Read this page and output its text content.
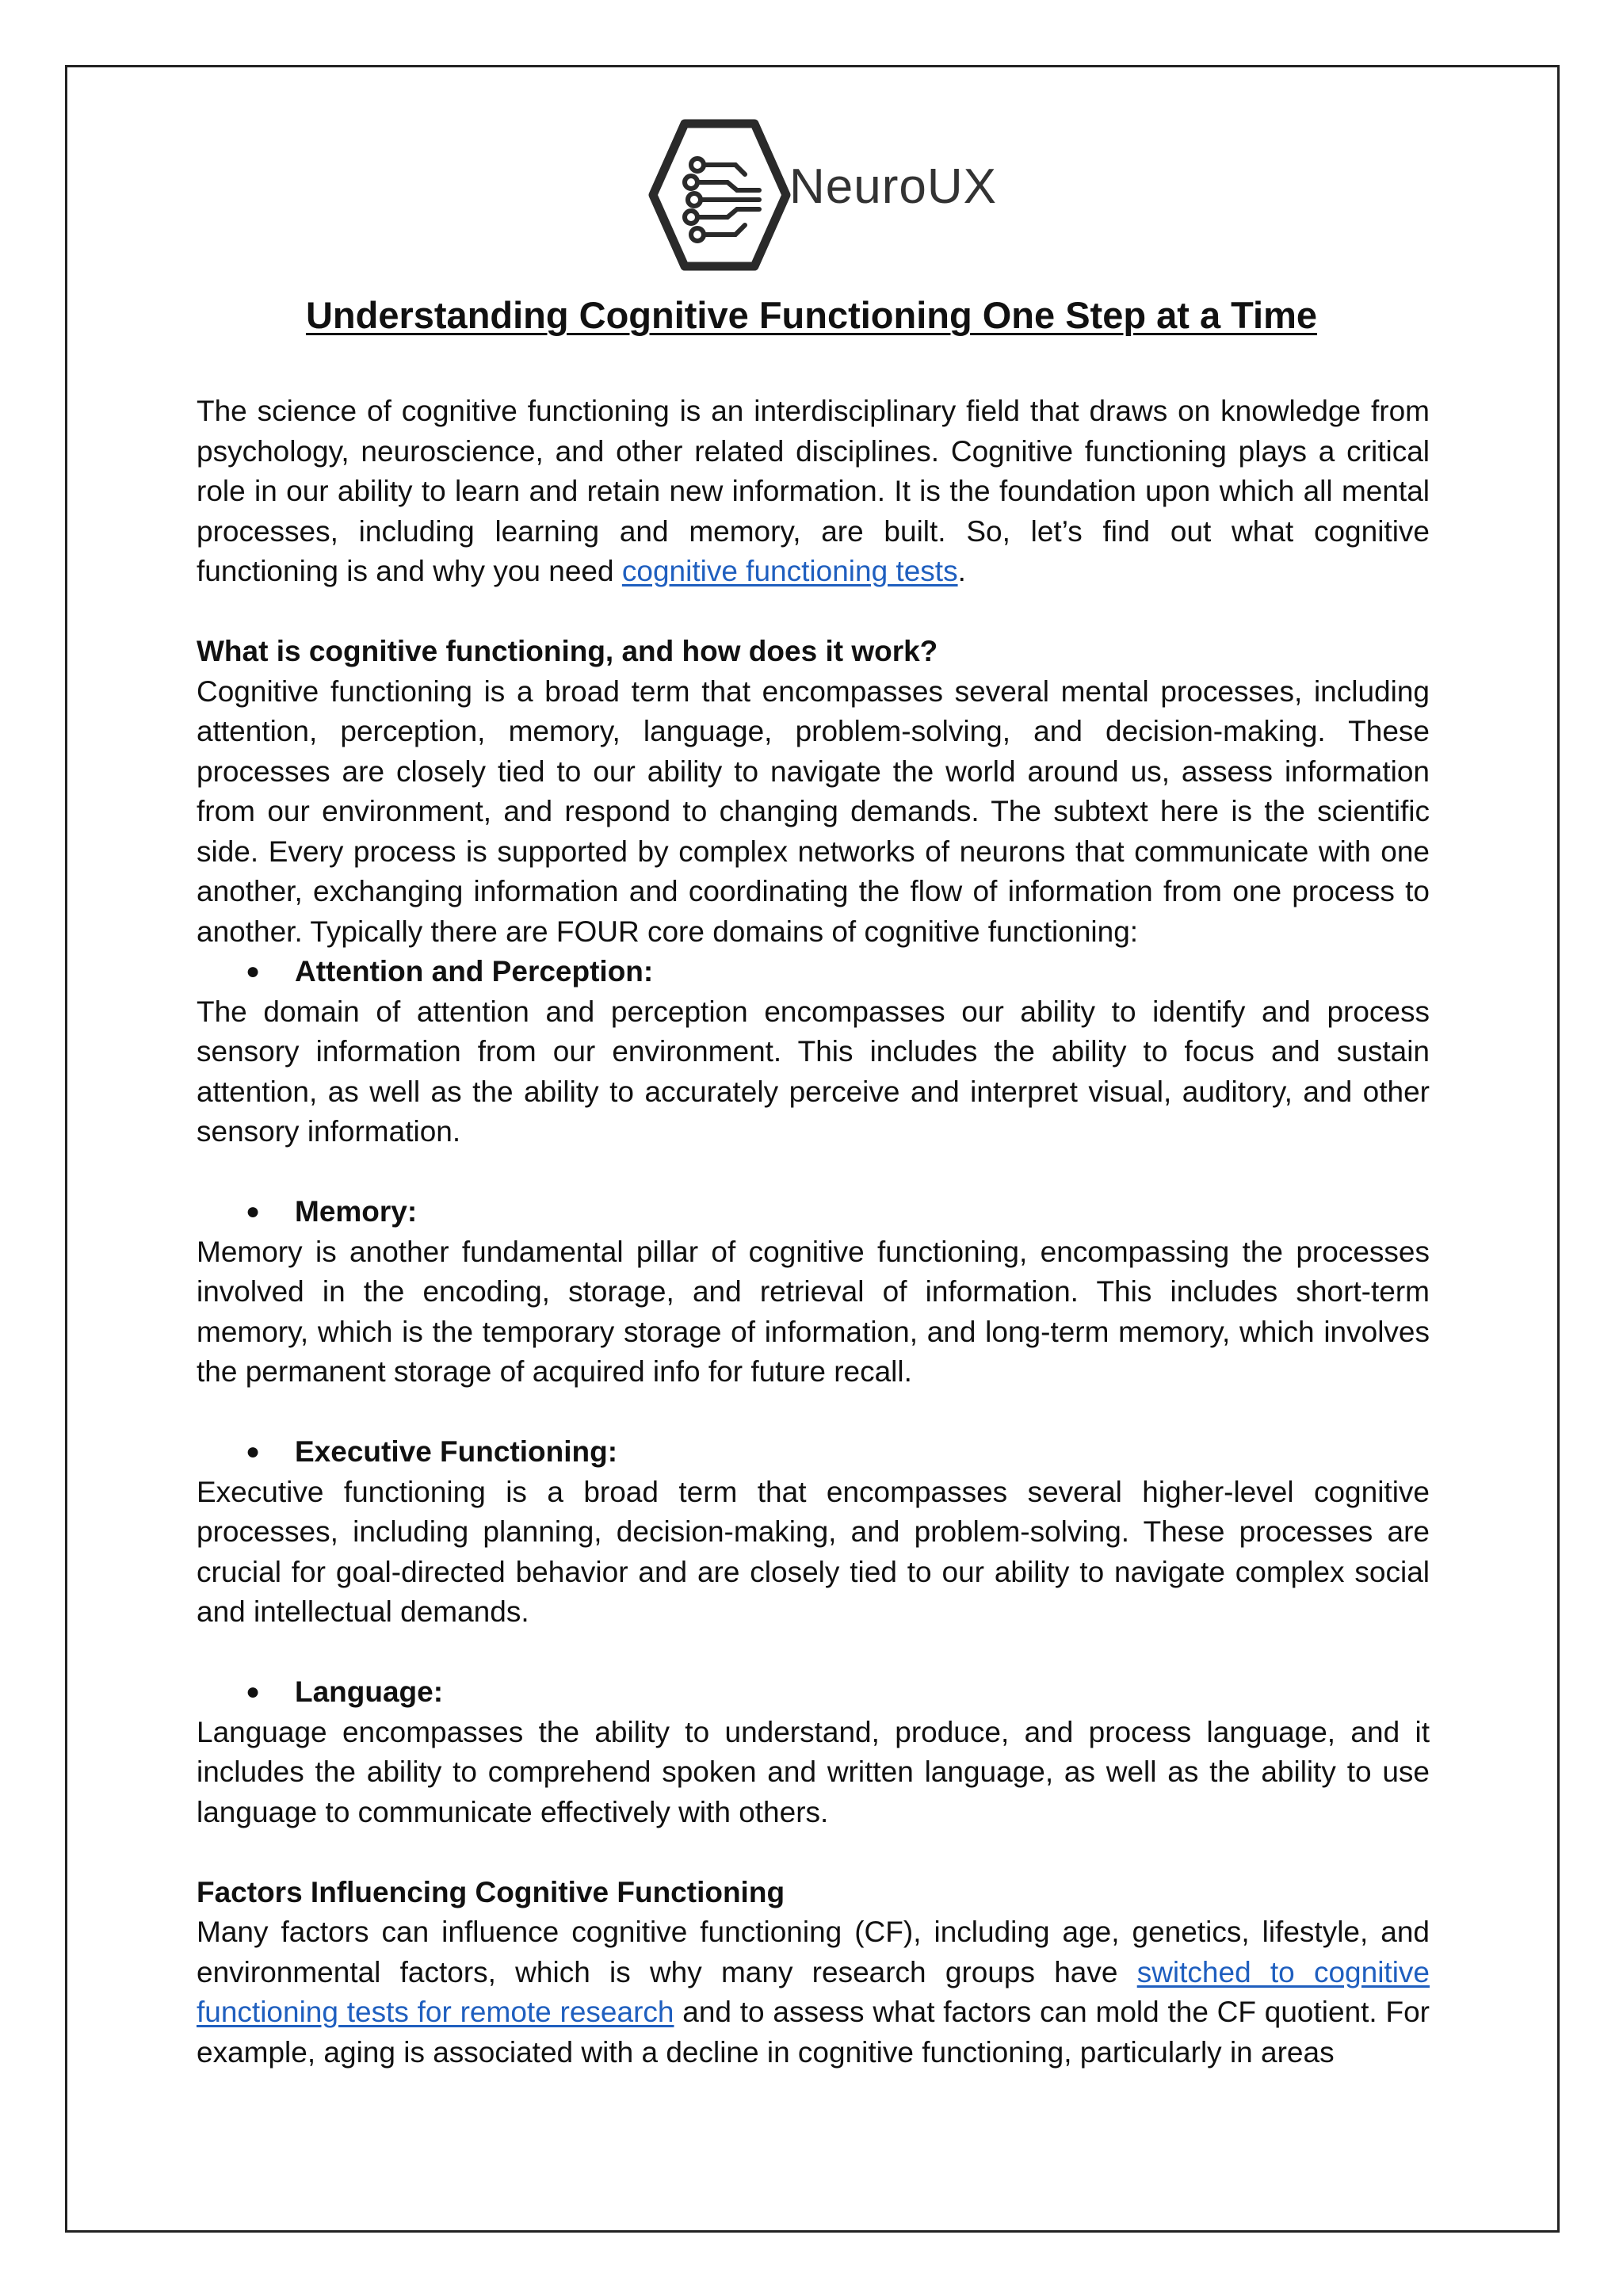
NeuroUX
Understanding Cognitive Functioning One Step at a Time

The science of cognitive functioning is an interdisciplinary field that draws on knowledge from psychology, neuroscience, and other related disciplines. Cognitive functioning plays a critical role in our ability to learn and retain new information. It is the foundation upon which all mental processes, including learning and memory, are built. So, let’s find out what cognitive functioning is and why you need cognitive functioning tests.

What is cognitive functioning, and how does it work?

Cognitive functioning is a broad term that encompasses several mental processes, including attention, perception, memory, language, problem-solving, and decision-making. These processes are closely tied to our ability to navigate the world around us, assess information from our environment, and respond to changing demands. The subtext here is the scientific side. Every process is supported by complex networks of neurons that communicate with one another, exchanging information and coordinating the flow of information from one process to another. Typically there are FOUR core domains of cognitive functioning:

● Attention and Perception:

The domain of attention and perception encompasses our ability to identify and process sensory information from our environment. This includes the ability to focus and sustain attention, as well as the ability to accurately perceive and interpret visual, auditory, and other sensory information.

● Memory:

Memory is another fundamental pillar of cognitive functioning, encompassing the processes involved in the encoding, storage, and retrieval of information. This includes short-term memory, which is the temporary storage of information, and long-term memory, which involves the permanent storage of acquired info for future recall.

● Executive Functioning:

Executive functioning is a broad term that encompasses several higher-level cognitive processes, including planning, decision-making, and problem-solving. These processes are crucial for goal-directed behavior and are closely tied to our ability to navigate complex social and intellectual demands.

● Language:

Language encompasses the ability to understand, produce, and process language, and it includes the ability to comprehend spoken and written language, as well as the ability to use language to communicate effectively with others.

Factors Influencing Cognitive Functioning

Many factors can influence cognitive functioning (CF), including age, genetics, lifestyle, and environmental factors, which is why many research groups have switched to cognitive functioning tests for remote research and to assess what factors can mold the CF quotient. For example, aging is associated with a decline in cognitive functioning, particularly in areas
